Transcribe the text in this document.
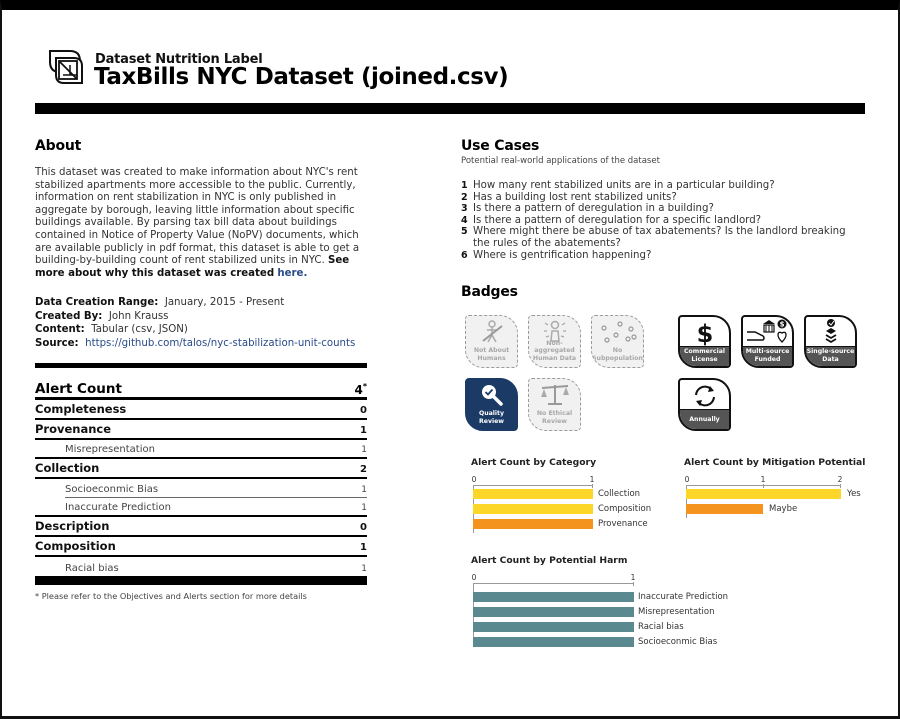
Dataset Nutrition Label
TaxBills NYC Dataset (joined.csv)
About
This dataset was created to make information about NYC's rent stabilized apartments more accessible to the public. Currently, information on rent stabilization in NYC is only published in aggregate by borough, leaving little information about specific buildings available. By parsing tax bill data about buildings contained in Notice of Property Value (NoPV) documents, which are available publicly in pdf format, this dataset is able to get a building-by-building count of rent stabilized units in NYC. See more about why this dataset was created here.
Data Creation Range: January, 2015 - Present
Created By: John Krauss
Content: Tabular (csv, JSON)
Source: https://github.com/talos/nyc-stabilization-unit-counts
Alert Count	4*
Completeness	0
Provenance	1
Misrepresentation	1
Collection	2
Socioeconmic Bias	1
Inaccurate Prediction	1
Description	0
Composition	1
Racial bias	1
* Please refer to the Objectives and Alerts section for more details
Use Cases
Potential real-world applications of the dataset
1 How many rent stabilized units are in a particular building?
2 Has a building lost rent stabilized units?
3 Is there a pattern of deregulation in a building?
4 Is there a pattern of deregulation for a specific landlord?
5 Where might there be abuse of tax abatements? Is the landlord breaking the rules of the abatements?
6 Where is gentrification happening?
Badges
Not About
Humans
Non-aggregated
Human Data
No
Subpopulation
Quality
Review
No Ethical
Review
$
Commercial
License
$
Multi-source
Funded
Single-source
Data
Annually
Alert Count by Category
0	1
Collection
Composition
Provenance
Alert Count by Mitigation Potential
0	1	2
Yes
Maybe
Alert Count by Potential Harm
0	1
Inaccurate Prediction
Misrepresentation
Racial bias
Socioeconmic Bias
